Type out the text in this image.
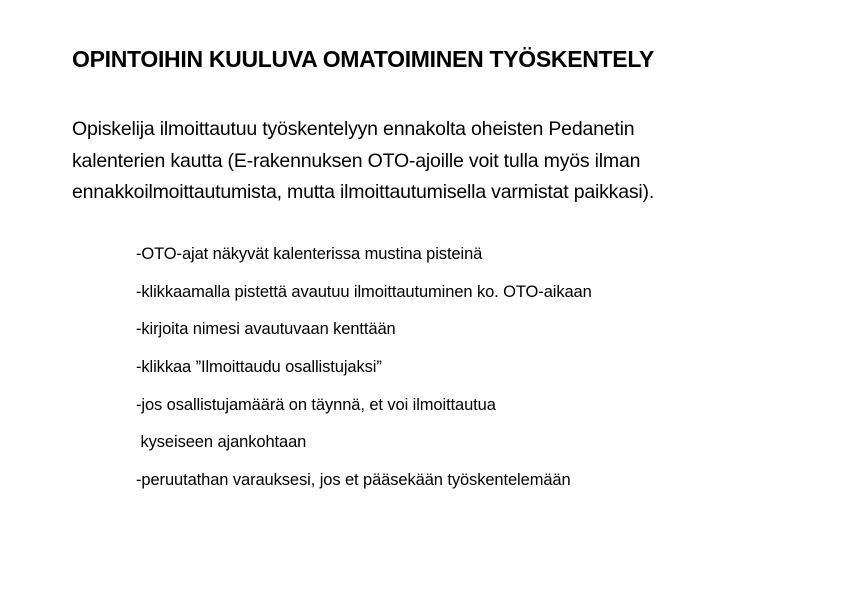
OPINTOIHIN KUULUVA OMATOIMINEN TYÖSKENTELY
Opiskelija ilmoittautuu työskentelyyn ennakolta oheisten Pedanetin
kalenterien kautta (E-rakennuksen OTO-ajoille voit tulla myös ilman
ennakkoilmoittautumista, mutta ilmoittautumisella varmistat paikkasi).
-OTO-ajat näkyvät kalenterissa mustina pisteinä
-klikkaamalla pistettä avautuu ilmoittautuminen ko. OTO-aikaan
-kirjoita nimesi avautuvaan kenttään
-klikkaa ”Ilmoittaudu osallistujaksi”
-jos osallistujamäärä on täynnä, et voi ilmoittautua
kyseiseen ajankohtaan
-peruutathan varauksesi, jos et pääsekään työskentelemään
